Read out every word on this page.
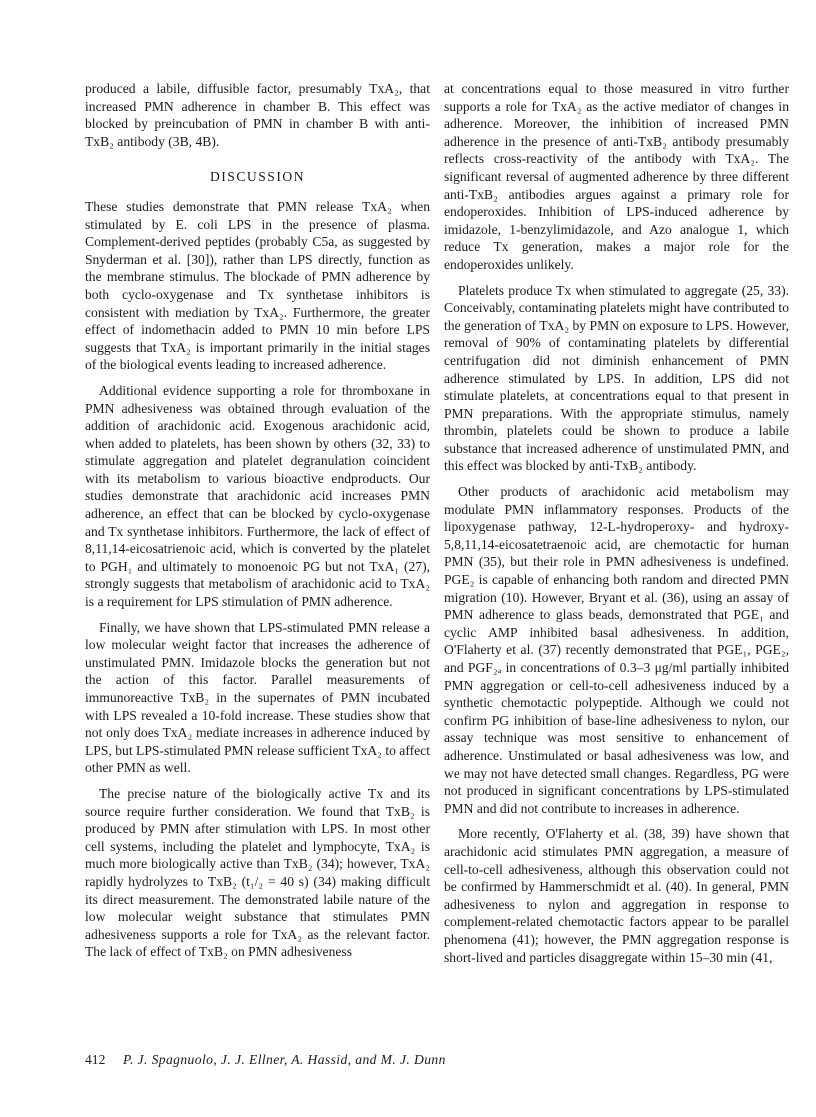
produced a labile, diffusible factor, presumably TxA₂, that increased PMN adherence in chamber B. This effect was blocked by preincubation of PMN in chamber B with anti-TxB₂ antibody (3B, 4B).

DISCUSSION

These studies demonstrate that PMN release TxA₂ when stimulated by E. coli LPS in the presence of plasma. Complement-derived peptides (probably C5a, as suggested by Snyderman et al. [30]), rather than LPS directly, function as the membrane stimulus. The blockade of PMN adherence by both cyclo-oxygenase and Tx synthetase inhibitors is consistent with mediation by TxA₂. Furthermore, the greater effect of indomethacin added to PMN 10 min before LPS suggests that TxA₂ is important primarily in the initial stages of the biological events leading to increased adherence.

Additional evidence supporting a role for thromboxane in PMN adhesiveness was obtained through evaluation of the addition of arachidonic acid. Exogenous arachidonic acid, when added to platelets, has been shown by others (32, 33) to stimulate aggregation and platelet degranulation coincident with its metabolism to various bioactive endproducts. Our studies demonstrate that arachidonic acid increases PMN adherence, an effect that can be blocked by cyclo-oxygenase and Tx synthetase inhibitors. Furthermore, the lack of effect of 8,11,14-eicosatrienoic acid, which is converted by the platelet to PGH₁ and ultimately to monoenoic PG but not TxA₁ (27), strongly suggests that metabolism of arachidonic acid to TxA₂ is a requirement for LPS stimulation of PMN adherence.

Finally, we have shown that LPS-stimulated PMN release a low molecular weight factor that increases the adherence of unstimulated PMN. Imidazole blocks the generation but not the action of this factor. Parallel measurements of immunoreactive TxB₂ in the supernates of PMN incubated with LPS revealed a 10-fold increase. These studies show that not only does TxA₂ mediate increases in adherence induced by LPS, but LPS-stimulated PMN release sufficient TxA₂ to affect other PMN as well.

The precise nature of the biologically active Tx and its source require further consideration. We found that TxB₂ is produced by PMN after stimulation with LPS. In most other cell systems, including the platelet and lymphocyte, TxA₂ is much more biologically active than TxB₂ (34); however, TxA₂ rapidly hydrolyzes to TxB₂ (t₁/₂ = 40 s) (34) making difficult its direct measurement. The demonstrated labile nature of the low molecular weight substance that stimulates PMN adhesiveness supports a role for TxA₂ as the relevant factor. The lack of effect of TxB₂ on PMN adhesiveness

at concentrations equal to those measured in vitro further supports a role for TxA₂ as the active mediator of changes in adherence. Moreover, the inhibition of increased PMN adherence in the presence of anti-TxB₂ antibody presumably reflects cross-reactivity of the antibody with TxA₂. The significant reversal of augmented adherence by three different anti-TxB₂ antibodies argues against a primary role for endoperoxides. Inhibition of LPS-induced adherence by imidazole, 1-benzylimidazole, and Azo analogue 1, which reduce Tx generation, makes a major role for the endoperoxides unlikely.

Platelets produce Tx when stimulated to aggregate (25, 33). Conceivably, contaminating platelets might have contributed to the generation of TxA₂ by PMN on exposure to LPS. However, removal of 90% of contaminating platelets by differential centrifugation did not diminish enhancement of PMN adherence stimulated by LPS. In addition, LPS did not stimulate platelets, at concentrations equal to that present in PMN preparations. With the appropriate stimulus, namely thrombin, platelets could be shown to produce a labile substance that increased adherence of unstimulated PMN, and this effect was blocked by anti-TxB₂ antibody.

Other products of arachidonic acid metabolism may modulate PMN inflammatory responses. Products of the lipoxygenase pathway, 12-L-hydroperoxy- and hydroxy-5,8,11,14-eicosatetraenoic acid, are chemotactic for human PMN (35), but their role in PMN adhesiveness is undefined. PGE₂ is capable of enhancing both random and directed PMN migration (10). However, Bryant et al. (36), using an assay of PMN adherence to glass beads, demonstrated that PGE₁ and cyclic AMP inhibited basal adhesiveness. In addition, O'Flaherty et al. (37) recently demonstrated that PGE₁, PGE₂, and PGF₂ₐ in concentrations of 0.3–3 μg/ml partially inhibited PMN aggregation or cell-to-cell adhesiveness induced by a synthetic chemotactic polypeptide. Although we could not confirm PG inhibition of base-line adhesiveness to nylon, our assay technique was most sensitive to enhancement of adherence. Unstimulated or basal adhesiveness was low, and we may not have detected small changes. Regardless, PG were not produced in significant concentrations by LPS-stimulated PMN and did not contribute to increases in adherence.

More recently, O'Flaherty et al. (38, 39) have shown that arachidonic acid stimulates PMN aggregation, a measure of cell-to-cell adhesiveness, although this observation could not be confirmed by Hammerschmidt et al. (40). In general, PMN adhesiveness to nylon and aggregation in response to complement-related chemotactic factors appear to be parallel phenomena (41); however, the PMN aggregation response is short-lived and particles disaggregate within 15–30 min (41,

412 P. J. Spagnuolo, J. J. Ellner, A. Hassid, and M. J. Dunn
